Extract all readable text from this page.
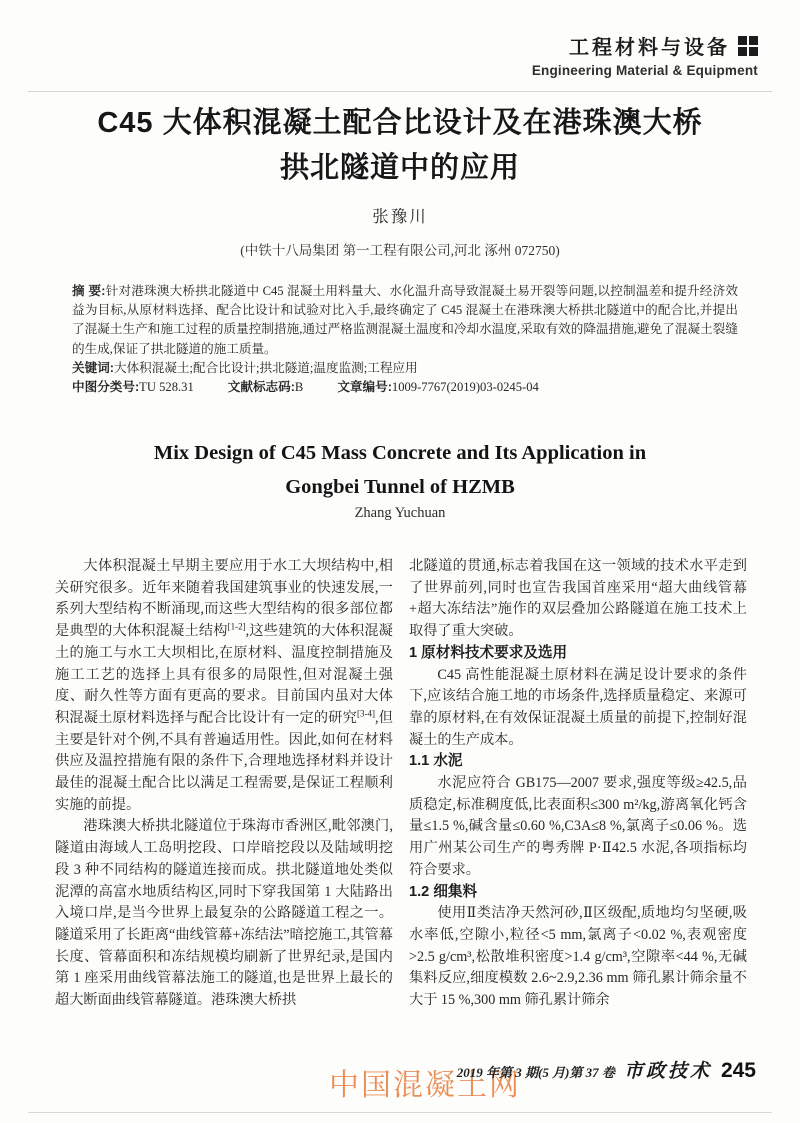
工程材料与设备
Engineering Material & Equipment
C45 大体积混凝土配合比设计及在港珠澳大桥
拱北隧道中的应用
张豫川
(中铁十八局集团 第一工程有限公司,河北 涿州 072750)

摘 要:针对港珠澳大桥拱北隧道中 C45 混凝土用料量大、水化温升高导致混凝土易开裂等问题,以控制温差和提升经济效益为目标,从原材料选择、配合比设计和试验对比入手,最终确定了 C45 混凝土在港珠澳大桥拱北隧道中的配合比,并提出了混凝土生产和施工过程的质量控制措施,通过严格监测混凝土温度和冷却水温度,采取有效的降温措施,避免了混凝土裂缝的生成,保证了拱北隧道的施工质量。

关键词:大体积混凝土;配合比设计;拱北隧道;温度监测;工程应用

中图分类号:TU 528.31	文献标志码:B	文章编号:1009-7767(2019)03-0245-04

Mix Design of C45 Mass Concrete and Its Application in
Gongbei Tunnel of HZMB
Zhang Yuchuan

大体积混凝土早期主要应用于水工大坝结构中,相关研究很多。近年来随着我国建筑事业的快速发展,一系列大型结构不断涌现,而这些大型结构的很多部位都是典型的大体积混凝土结构[1-2],这些建筑的大体积混凝土的施工与水工大坝相比,在原材料、温度控制措施及施工工艺的选择上具有很多的局限性,但对混凝土强度、耐久性等方面有更高的要求。目前国内虽对大体积混凝土原材料选择与配合比设计有一定的研究[3-4],但主要是针对个例,不具有普遍适用性。因此,如何在材料供应及温控措施有限的条件下,合理地选择材料并设计最佳的混凝土配合比以满足工程需要,是保证工程顺利实施的前提。

港珠澳大桥拱北隧道位于珠海市香洲区,毗邻澳门,隧道由海域人工岛明挖段、口岸暗挖段以及陆域明挖段 3 种不同结构的隧道连接而成。拱北隧道地处类似泥潭的高富水地质结构区,同时下穿我国第 1 大陆路出入境口岸,是当今世界上最复杂的公路隧道工程之一。隧道采用了长距离“曲线管幕+冻结法”暗挖施工,其管幕长度、管幕面积和冻结规模均刷新了世界纪录,是国内第 1 座采用曲线管幕法施工的隧道,也是世界上最长的超大断面曲线管幕隧道。港珠澳大桥拱

北隧道的贯通,标志着我国在这一领域的技术水平走到了世界前列,同时也宣告我国首座采用“超大曲线管幕+超大冻结法”施作的双层叠加公路隧道在施工技术上取得了重大突破。

1 原材料技术要求及选用

C45 高性能混凝土原材料在满足设计要求的条件下,应该结合施工地的市场条件,选择质量稳定、来源可靠的原材料,在有效保证混凝土质量的前提下,控制好混凝土的生产成本。

1.1 水泥

水泥应符合 GB175—2007 要求,强度等级≥42.5,品质稳定,标准稠度低,比表面积≤300 m²/kg,游离氧化钙含量≤1.5 %,碱含量≤0.60 %,C3A≤8 %,氯离子≤0.06 %。选用广州某公司生产的粤秀牌 P·Ⅱ42.5 水泥,各项指标均符合要求。

1.2 细集料

使用Ⅱ类洁净天然河砂,Ⅱ区级配,质地均匀坚硬,吸水率低,空隙小,粒径<5 mm,氯离子<0.02 %,表观密度>2.5 g/cm³,松散堆积密度>1.4 g/cm³,空隙率<44 %,无碱集料反应,细度模数 2.6~2.9,2.36 mm 筛孔累计筛余量不大于 15 %,300 mm 筛孔累计筛余

中国混凝土网
2019 年第 3 期(5 月)第 37 卷 市政技术 245
